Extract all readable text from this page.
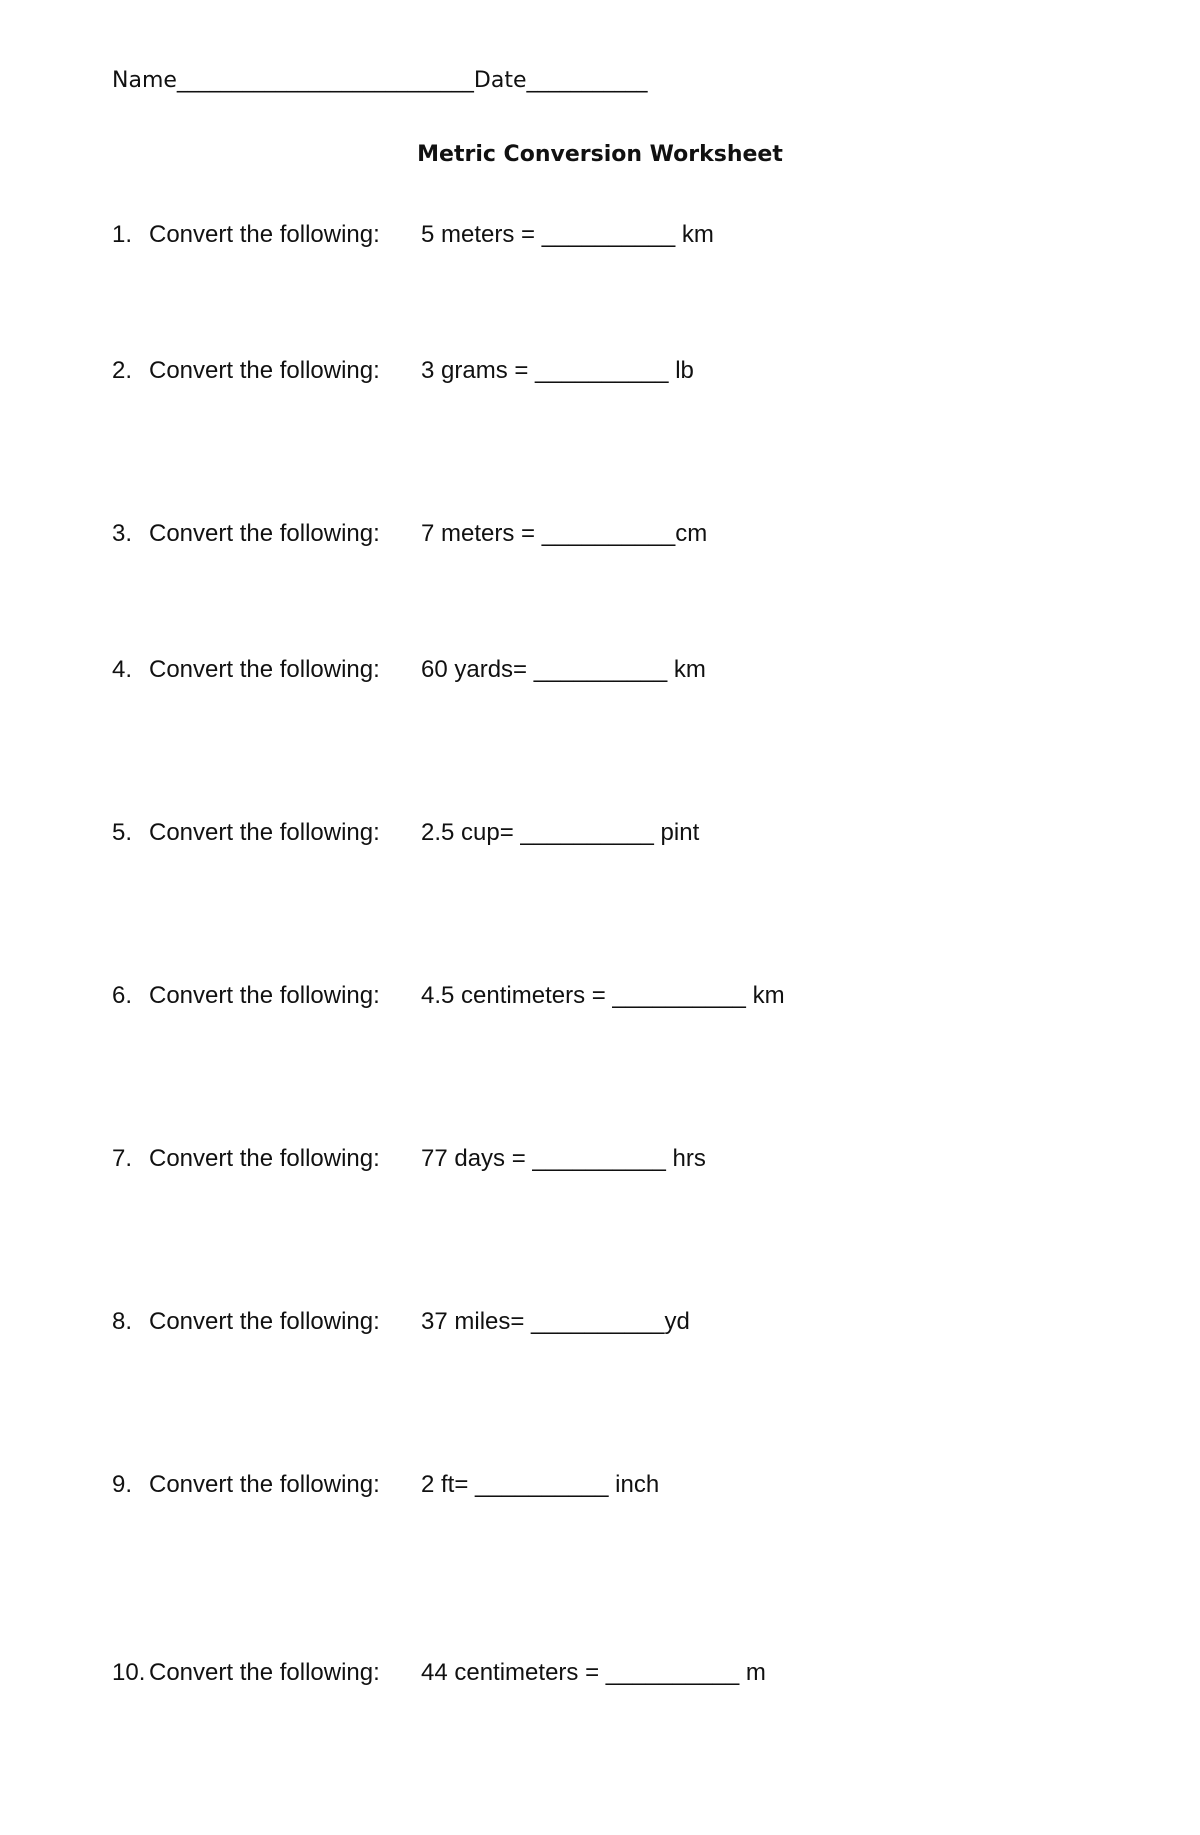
Name___________________________Date___________
Metric Conversion Worksheet

1.

Convert the following:

5 meters = __________ km

2.

Convert the following:

3 grams = __________ lb

3.

Convert the following:

7 meters = __________cm

4.

Convert the following:

60 yards= __________ km

5.

Convert the following:

2.5 cup= __________ pint

6.

Convert the following:

4.5 centimeters = __________ km

7.

Convert the following:

77 days = __________ hrs

8.

Convert the following:

37 miles= __________yd

9.

Convert the following:

2 ft= __________ inch

10.

Convert the following:

44 centimeters = __________ m
